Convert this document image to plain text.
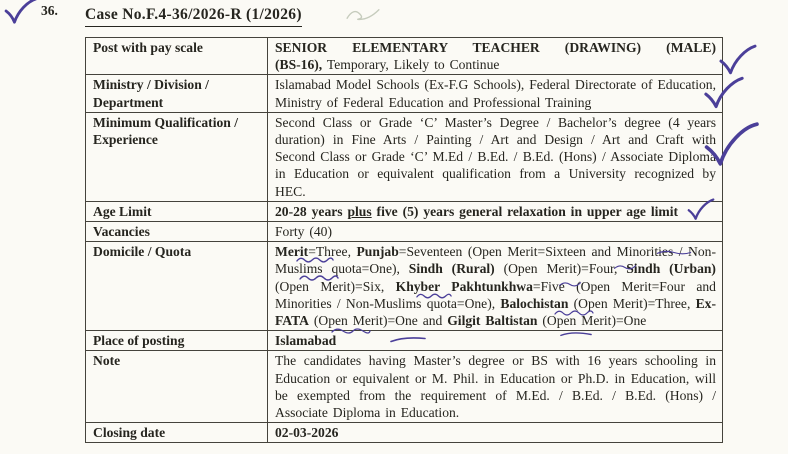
36. Case No.F.4-36/2026-R (1/2026)
Post with pay scale	SENIOR ELEMENTARY TEACHER (DRAWING) (MALE)
(BS-16), Temporary, Likely to Continue

Ministry / Division / Department	Islamabad Model Schools (Ex-F.G Schools), Federal Directorate of Education, Ministry of Federal Education and Professional Training
Minimum Qualification / Experience	Second Class or Grade ‘C’ Master’s Degree / Bachelor’s degree (4 years duration) in Fine Arts / Painting / Art and Design / Art and Craft with Second Class or Grade ‘C’ M.Ed / B.Ed. / B.Ed. (Hons) / Associate Diploma in Education or equivalent qualification from a University recognized by HEC.
Age Limit	20-28 years plus five (5) years general relaxation in upper age limit
Vacancies	Forty (40)
Domicile / Quota	Merit=Three, Punjab=Seventeen (Open Merit=Sixteen and Minorities / Non-Muslims quota=One), Sindh (Rural) (Open Merit)=Four, Sindh (Urban) (Open Merit)=Six, Khyber Pakhtunkhwa=Five (Open Merit=Four and Minorities / Non-Muslims quota=One), Balochistan (Open Merit)=Three, Ex-FATA (Open Merit)=One and Gilgit Baltistan (Open Merit)=One
Place of posting	Islamabad
Note	The candidates having Master’s degree or BS with 16 years schooling in Education or equivalent or M. Phil. in Education or Ph.D. in Education, will be exempted from the requirement of M.Ed. / B.Ed. / B.Ed. (Hons) / Associate Diploma in Education.
Closing date	02-03-2026
